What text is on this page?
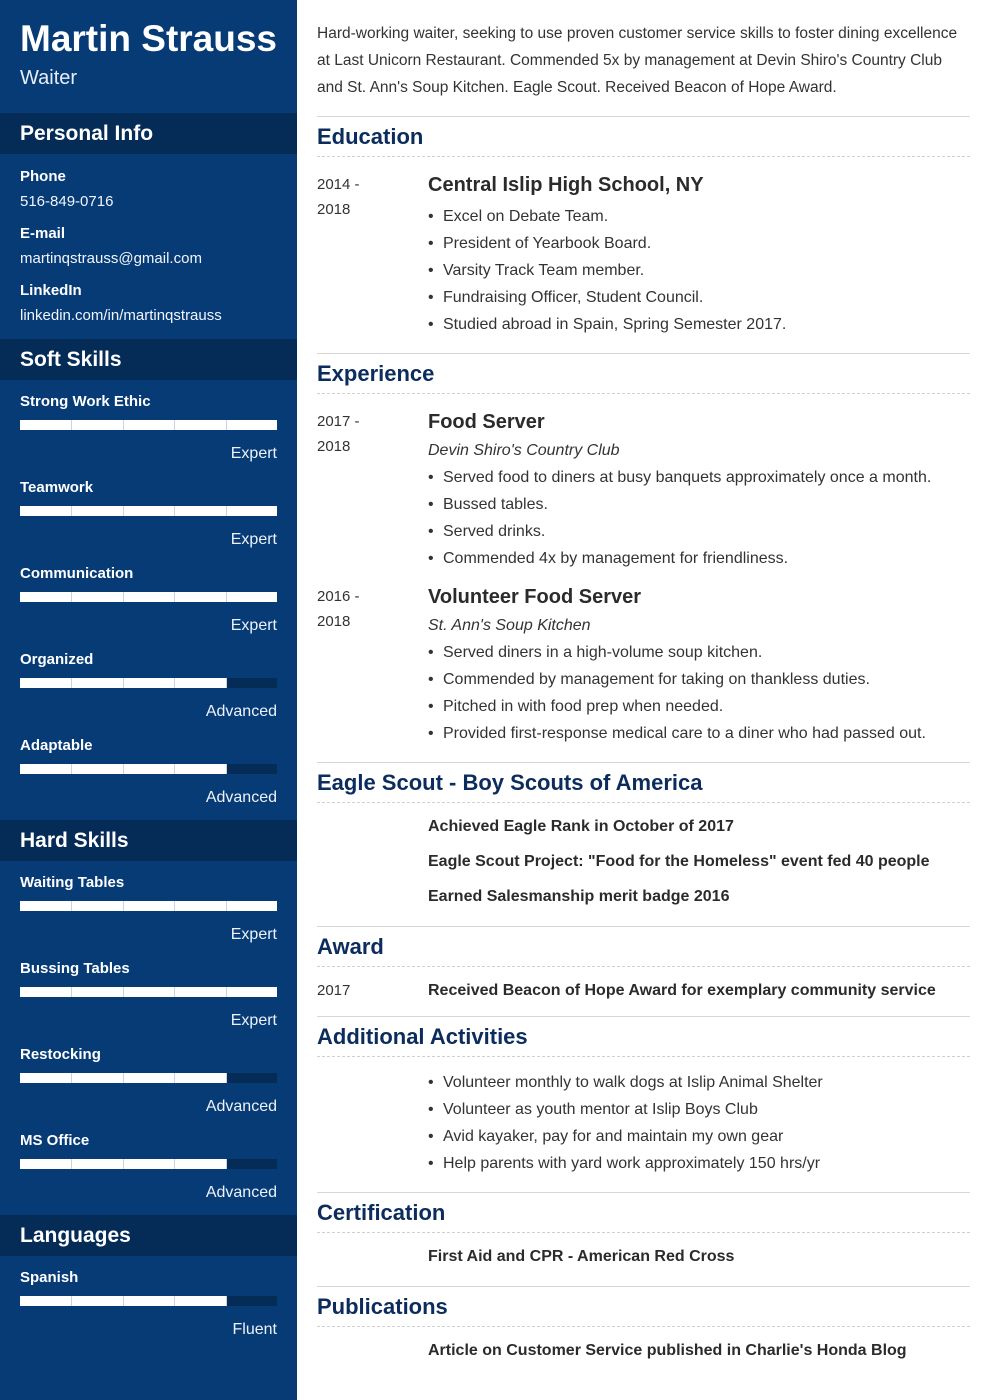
Martin Strauss
Waiter
Personal Info
Phone
516-849-0716
E-mail
martinqstrauss@gmail.com
LinkedIn
linkedin.com/in/martinqstrauss
Soft Skills
Strong Work Ethic
Expert
Teamwork
Expert
Communication
Expert
Organized
Advanced
Adaptable
Advanced
Hard Skills
Waiting Tables
Expert
Bussing Tables
Expert
Restocking
Advanced
MS Office
Advanced
Languages
Spanish
Fluent
Hard-working waiter, seeking to use proven customer service skills to foster dining excellence at Last Unicorn Restaurant. Commended 5x by management at Devin Shiro's Country Club and St. Ann's Soup Kitchen. Eagle Scout. Received Beacon of Hope Award.
Education
2014 -
2018
Central Islip High School, NY
• Excel on Debate Team.
• President of Yearbook Board.
• Varsity Track Team member.
• Fundraising Officer, Student Council.
• Studied abroad in Spain, Spring Semester 2017.
Experience
2017 -
2018
Food Server
Devin Shiro's Country Club
• Served food to diners at busy banquets approximately once a month.
• Bussed tables.
• Served drinks.
• Commended 4x by management for friendliness.
2016 -
2018
Volunteer Food Server
St. Ann's Soup Kitchen
• Served diners in a high-volume soup kitchen.
• Commended by management for taking on thankless duties.
• Pitched in with food prep when needed.
• Provided first-response medical care to a diner who had passed out.
Eagle Scout - Boy Scouts of America
Achieved Eagle Rank in October of 2017
Eagle Scout Project: "Food for the Homeless" event fed 40 people
Earned Salesmanship merit badge 2016
Award
2017	Received Beacon of Hope Award for exemplary community service
Additional Activities
• Volunteer monthly to walk dogs at Islip Animal Shelter
• Volunteer as youth mentor at Islip Boys Club
• Avid kayaker, pay for and maintain my own gear
• Help parents with yard work approximately 150 hrs/yr
Certification
First Aid and CPR - American Red Cross
Publications
Article on Customer Service published in Charlie's Honda Blog
